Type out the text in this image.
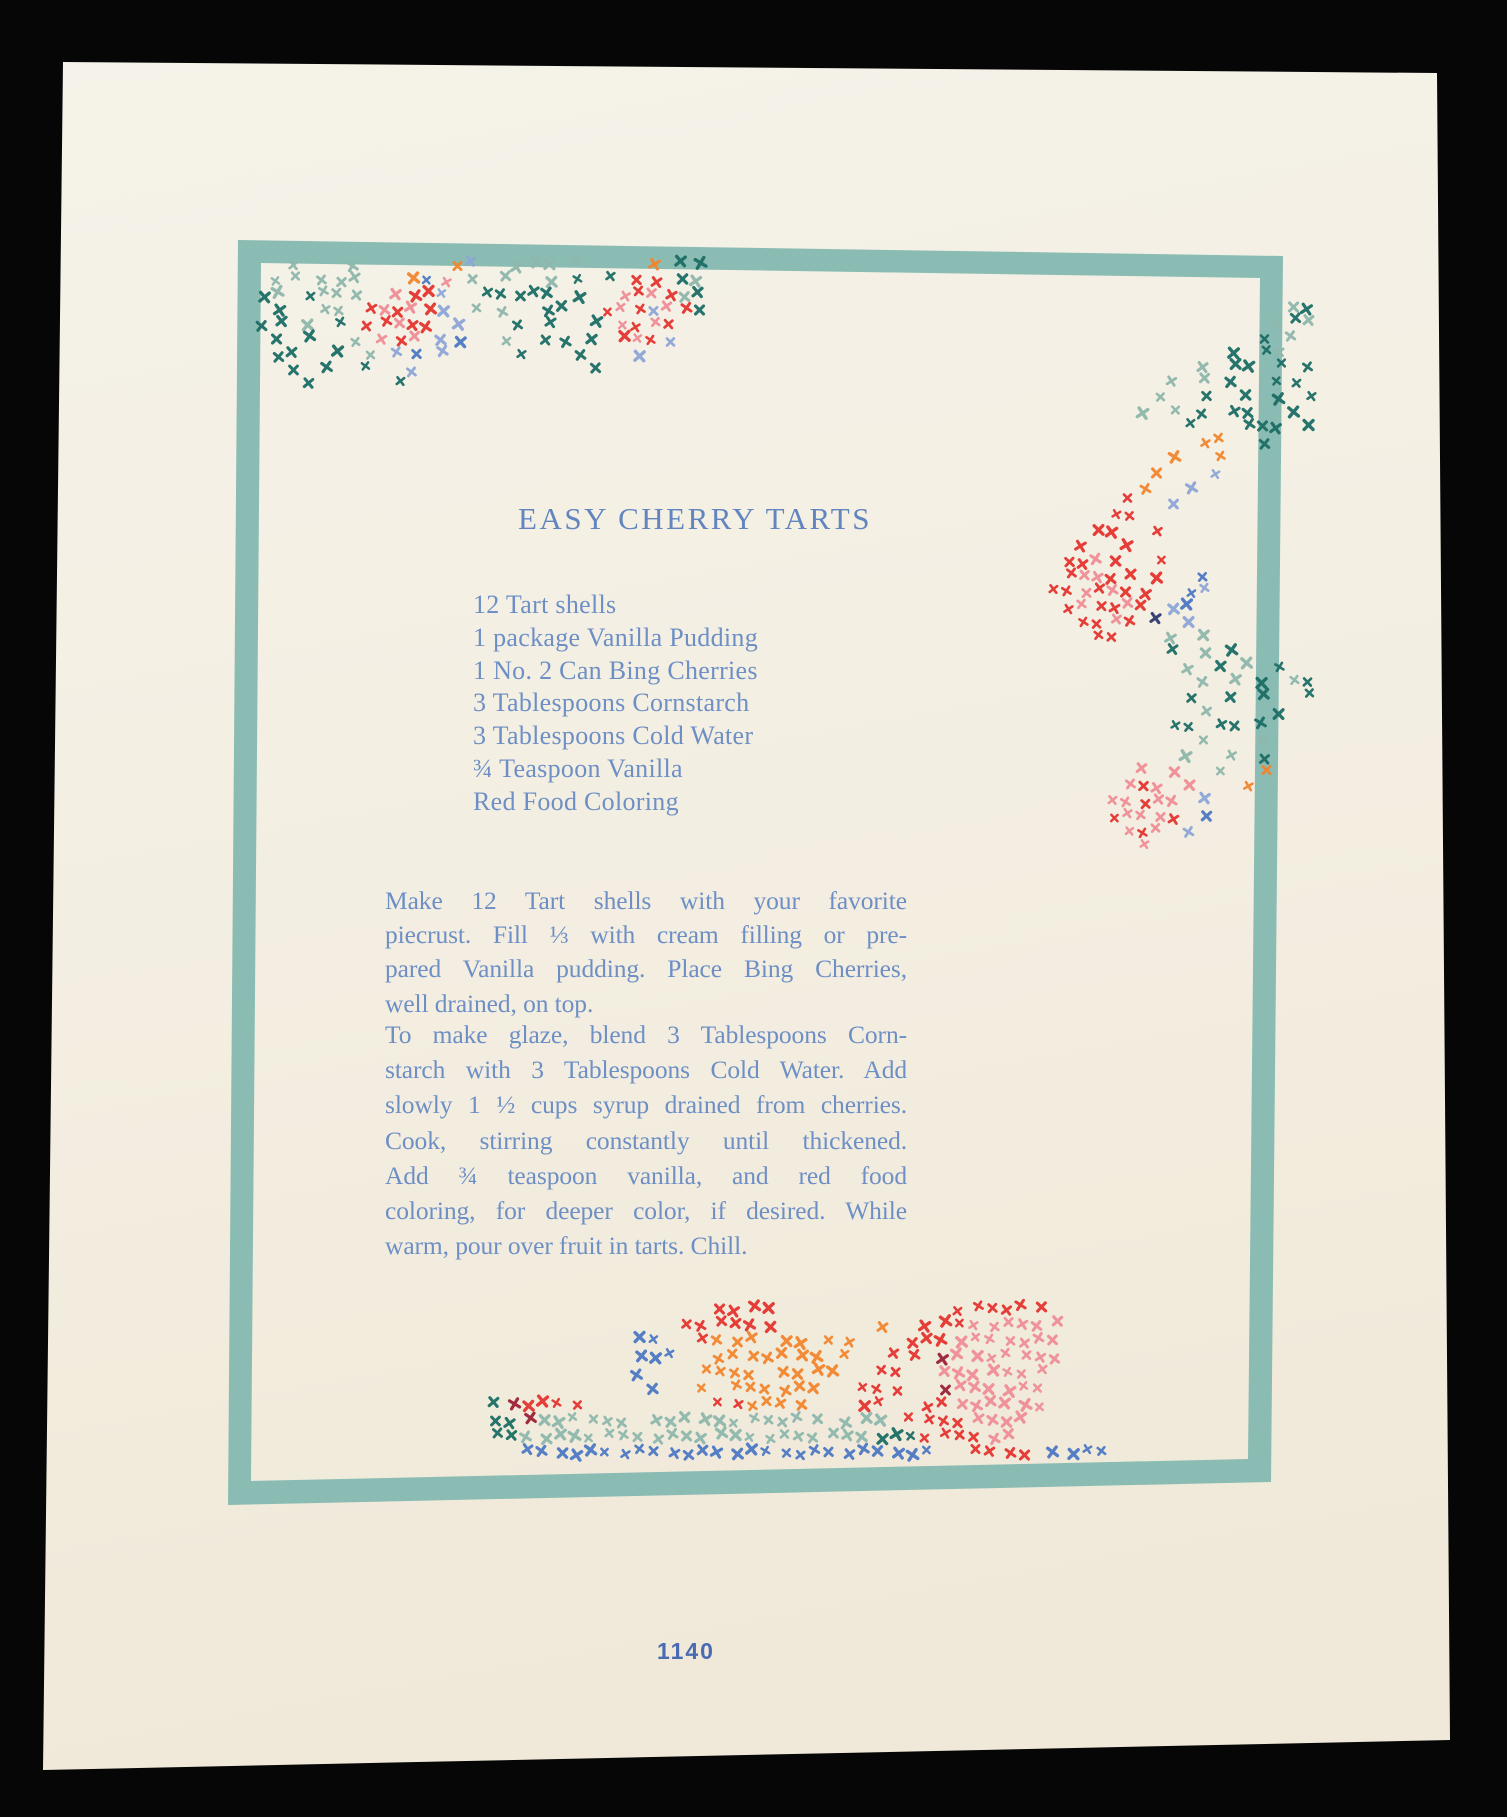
EASY CHERRY TARTS
12 Tart shells
1 package Vanilla Pudding
1 No. 2 Can Bing Cherries
3 Tablespoons Cornstarch
3 Tablespoons Cold Water
¾ Teaspoon Vanilla
Red Food Coloring
Make 12 Tart shells with your favorite
piecrust. Fill ⅓ with cream filling or pre-
pared Vanilla pudding. Place Bing Cherries,
well drained, on top.
To make glaze, blend 3 Tablespoons Corn-
starch with 3 Tablespoons Cold Water. Add
slowly 1 ½ cups syrup drained from cherries.
Cook, stirring constantly until thickened.
Add ¾ teaspoon vanilla, and red food
coloring, for deeper color, if desired. While
warm, pour over fruit in tarts. Chill.
1140
